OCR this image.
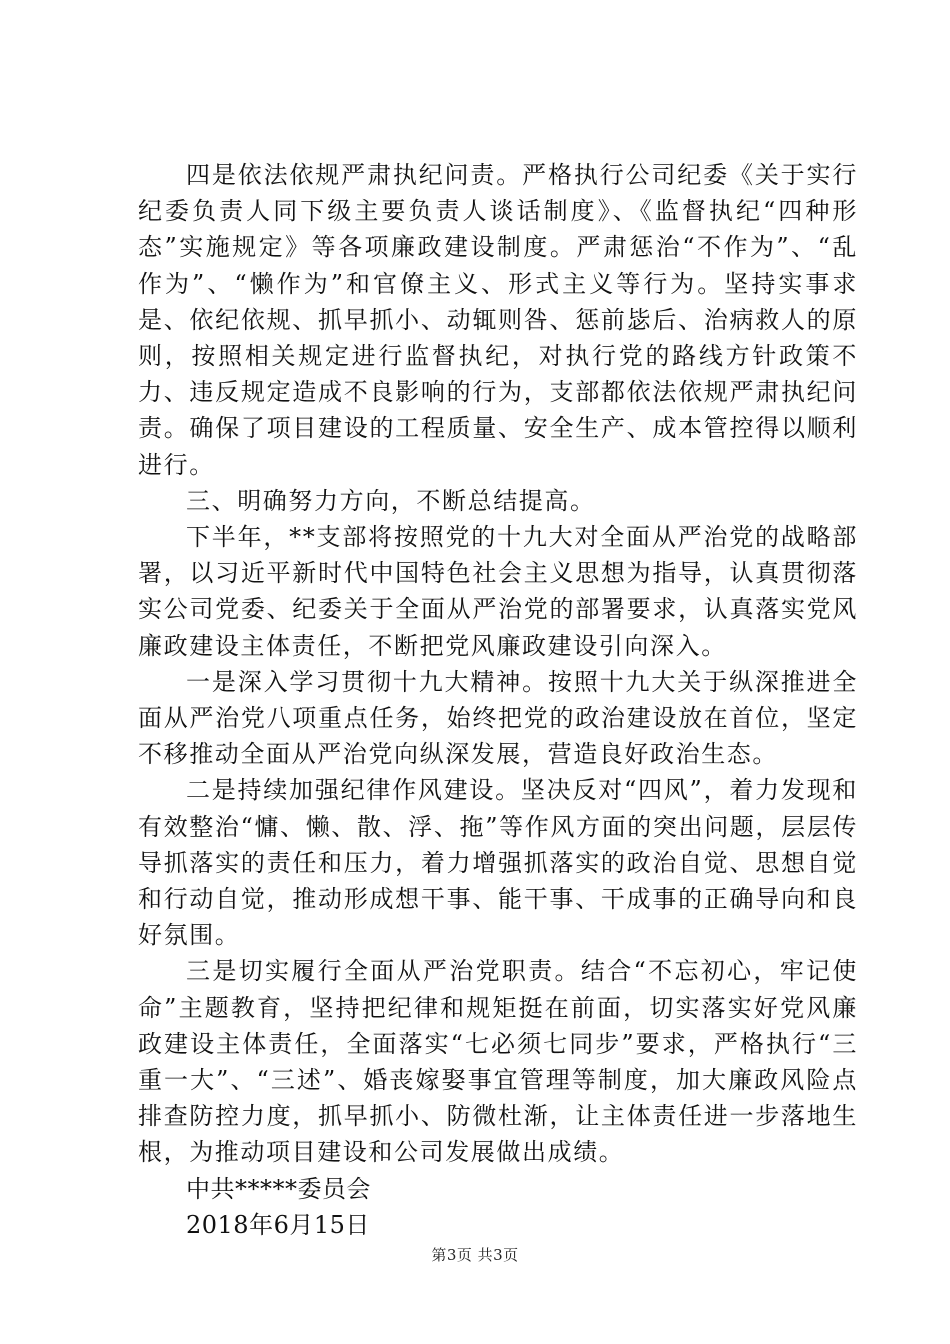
四是依法依规严肃执纪问责。严格执行公司纪委《关于实行纪委负责人同下级主要负责人谈话制度》、《监督执纪“四种形态”实施规定》等各项廉政建设制度。严肃惩治“不作为”、“乱作为”、“懒作为”和官僚主义、形式主义等行为。坚持实事求是、依纪依规、抓早抓小、动辄则咎、惩前毖后、治病救人的原则，按照相关规定进行监督执纪，对执行党的路线方针政策不力、违反规定造成不良影响的行为，支部都依法依规严肃执纪问责。确保了项目建设的工程质量、安全生产、成本管控得以顺利进行。

三、明确努力方向，不断总结提高。

下半年，**支部将按照党的十九大对全面从严治党的战略部署，以习近平新时代中国特色社会主义思想为指导，认真贯彻落实公司党委、纪委关于全面从严治党的部署要求，认真落实党风廉政建设主体责任，不断把党风廉政建设引向深入。

一是深入学习贯彻十九大精神。按照十九大关于纵深推进全面从严治党八项重点任务，始终把党的政治建设放在首位，坚定不移推动全面从严治党向纵深发展，营造良好政治生态。

二是持续加强纪律作风建设。坚决反对“四风”，着力发现和有效整治“慵、懒、散、浮、拖”等作风方面的突出问题，层层传导抓落实的责任和压力，着力增强抓落实的政治自觉、思想自觉和行动自觉，推动形成想干事、能干事、干成事的正确导向和良好氛围。

三是切实履行全面从严治党职责。结合“不忘初心，牢记使命”主题教育，坚持把纪律和规矩挺在前面，切实落实好党风廉政建设主体责任，全面落实“七必须七同步”要求，严格执行“三重一大”、“三述”、婚丧嫁娶事宜管理等制度，加大廉政风险点排查防控力度，抓早抓小、防微杜渐，让主体责任进一步落地生根，为推动项目建设和公司发展做出成绩。

中共*****委员会

2018年6月15日

第3页 共3页
